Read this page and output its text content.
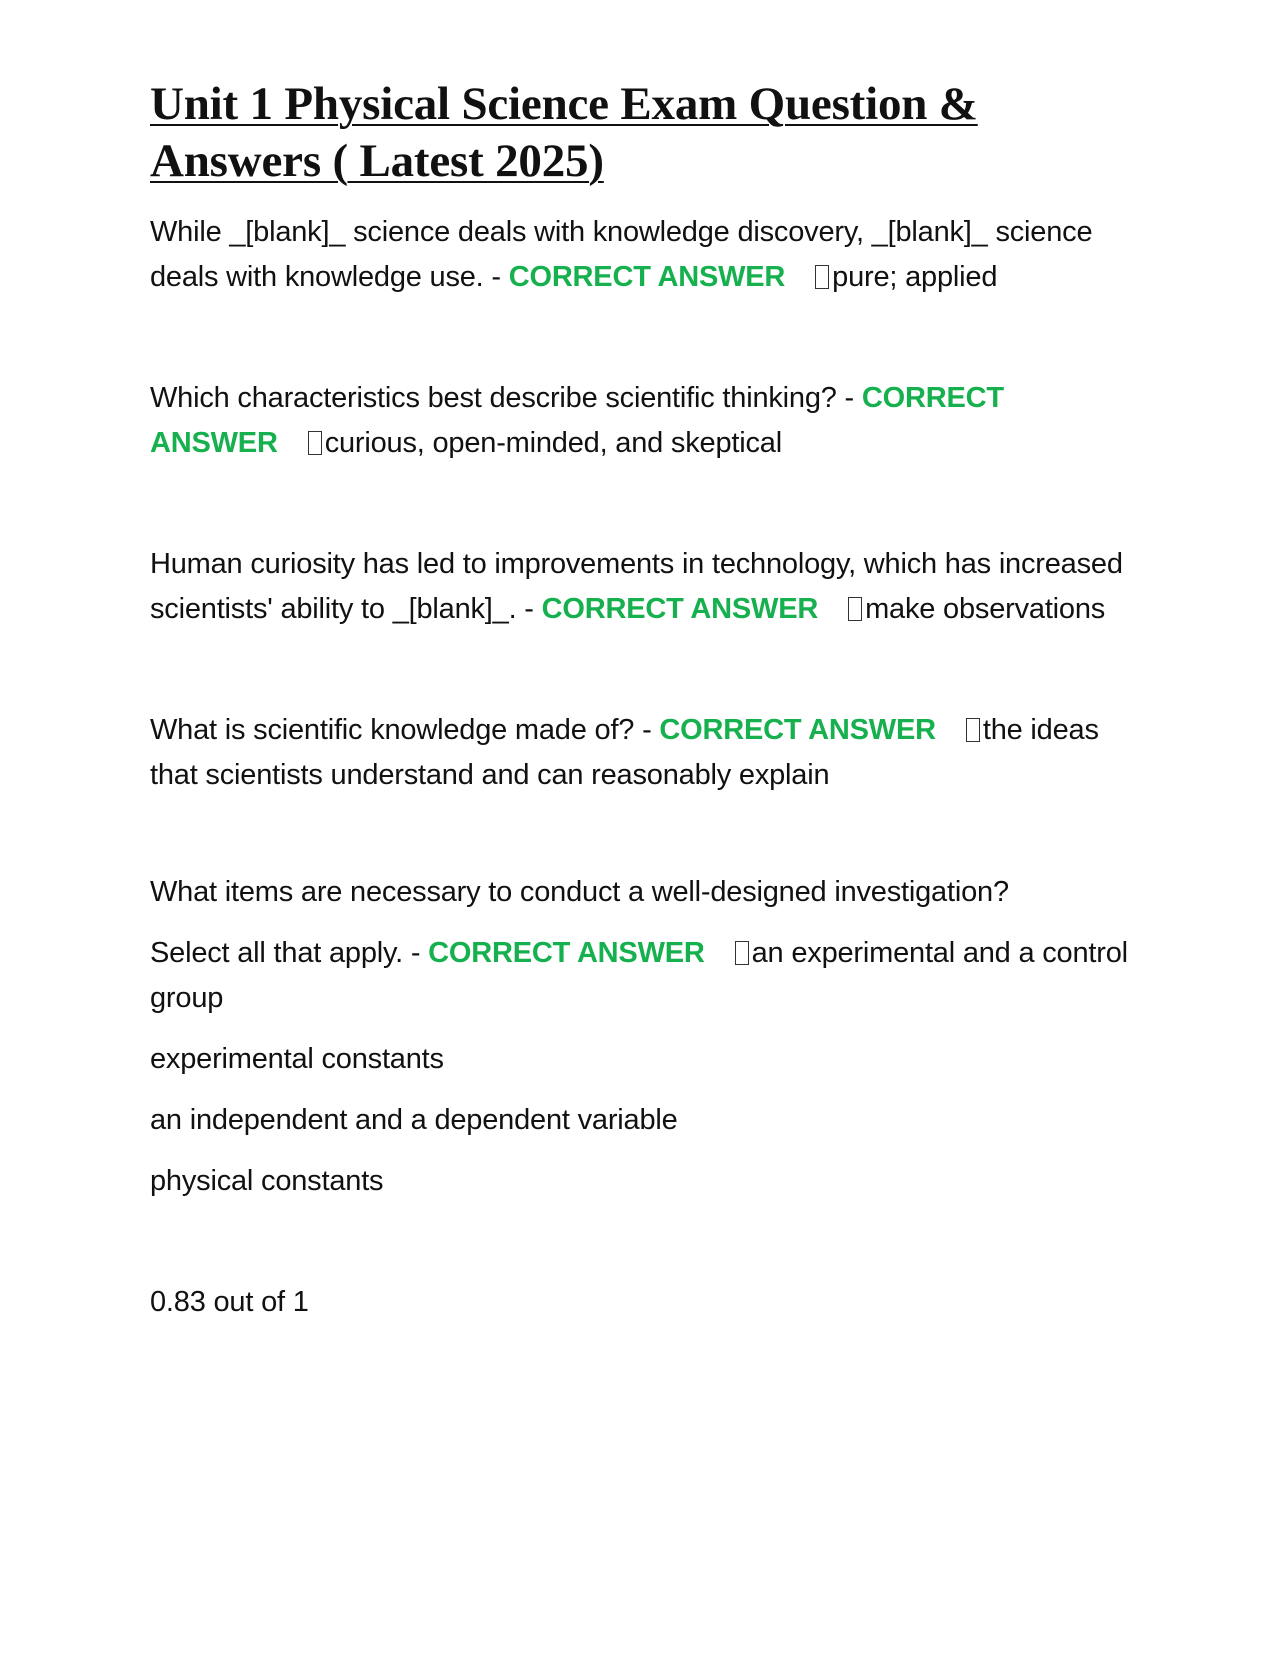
Unit 1 Physical Science Exam Question & Answers ( Latest 2025)

While _[blank]_ science deals with knowledge discovery, _[blank]_ science deals with knowledge use. - CORRECT ANSWER pure; applied

Which characteristics best describe scientific thinking? - CORRECT ANSWER curious, open-minded, and skeptical

Human curiosity has led to improvements in technology, which has increased scientists' ability to _[blank]_. - CORRECT ANSWER make observations

What is scientific knowledge made of? - CORRECT ANSWER the ideas that scientists understand and can reasonably explain

What items are necessary to conduct a well-designed investigation?

Select all that apply. - CORRECT ANSWER an experimental and a control group

experimental constants

an independent and a dependent variable

physical constants

0.83 out of 1
